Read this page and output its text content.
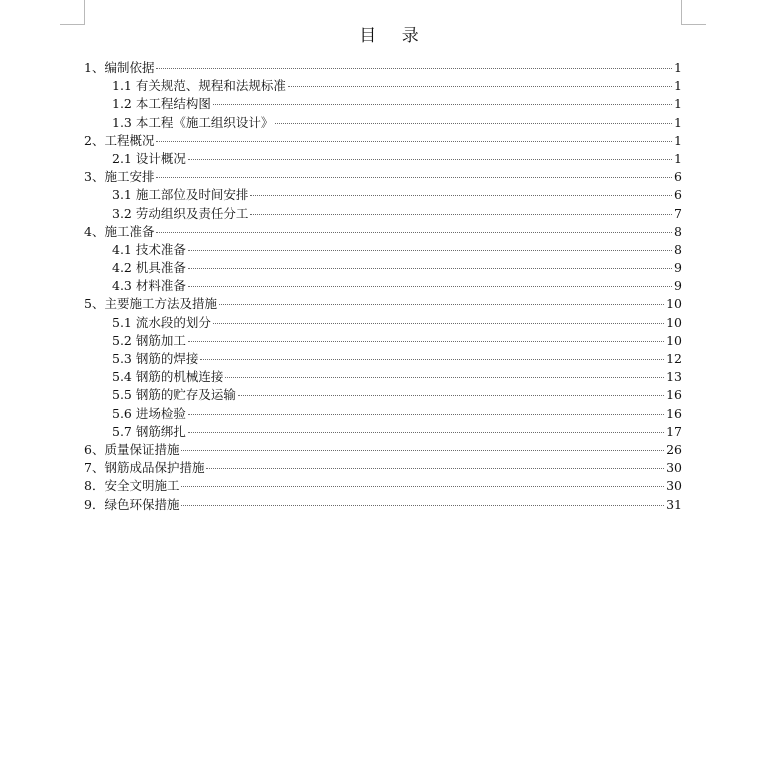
目 录
1、编制依据	1
1.1 有关规范、规程和法规标准	1
1.2 本工程结构图	1
1.3 本工程《施工组织设计》	1
2、工程概况	1
2.1 设计概况	1
3、施工安排	6
3.1 施工部位及时间安排	6
3.2 劳动组织及责任分工	7
4、施工准备	8
4.1 技术准备	8
4.2 机具准备	9
4.3 材料准备	9
5、主要施工方法及措施	10
5.1 流水段的划分	10
5.2 钢筋加工	10
5.3 钢筋的焊接	12
5.4 钢筋的机械连接	13
5.5 钢筋的贮存及运输	16
5.6 进场检验	16
5.7 钢筋绑扎	17
6、质量保证措施	26
7、钢筋成品保护措施	30
8．安全文明施工	30
9．绿色环保措施	31
